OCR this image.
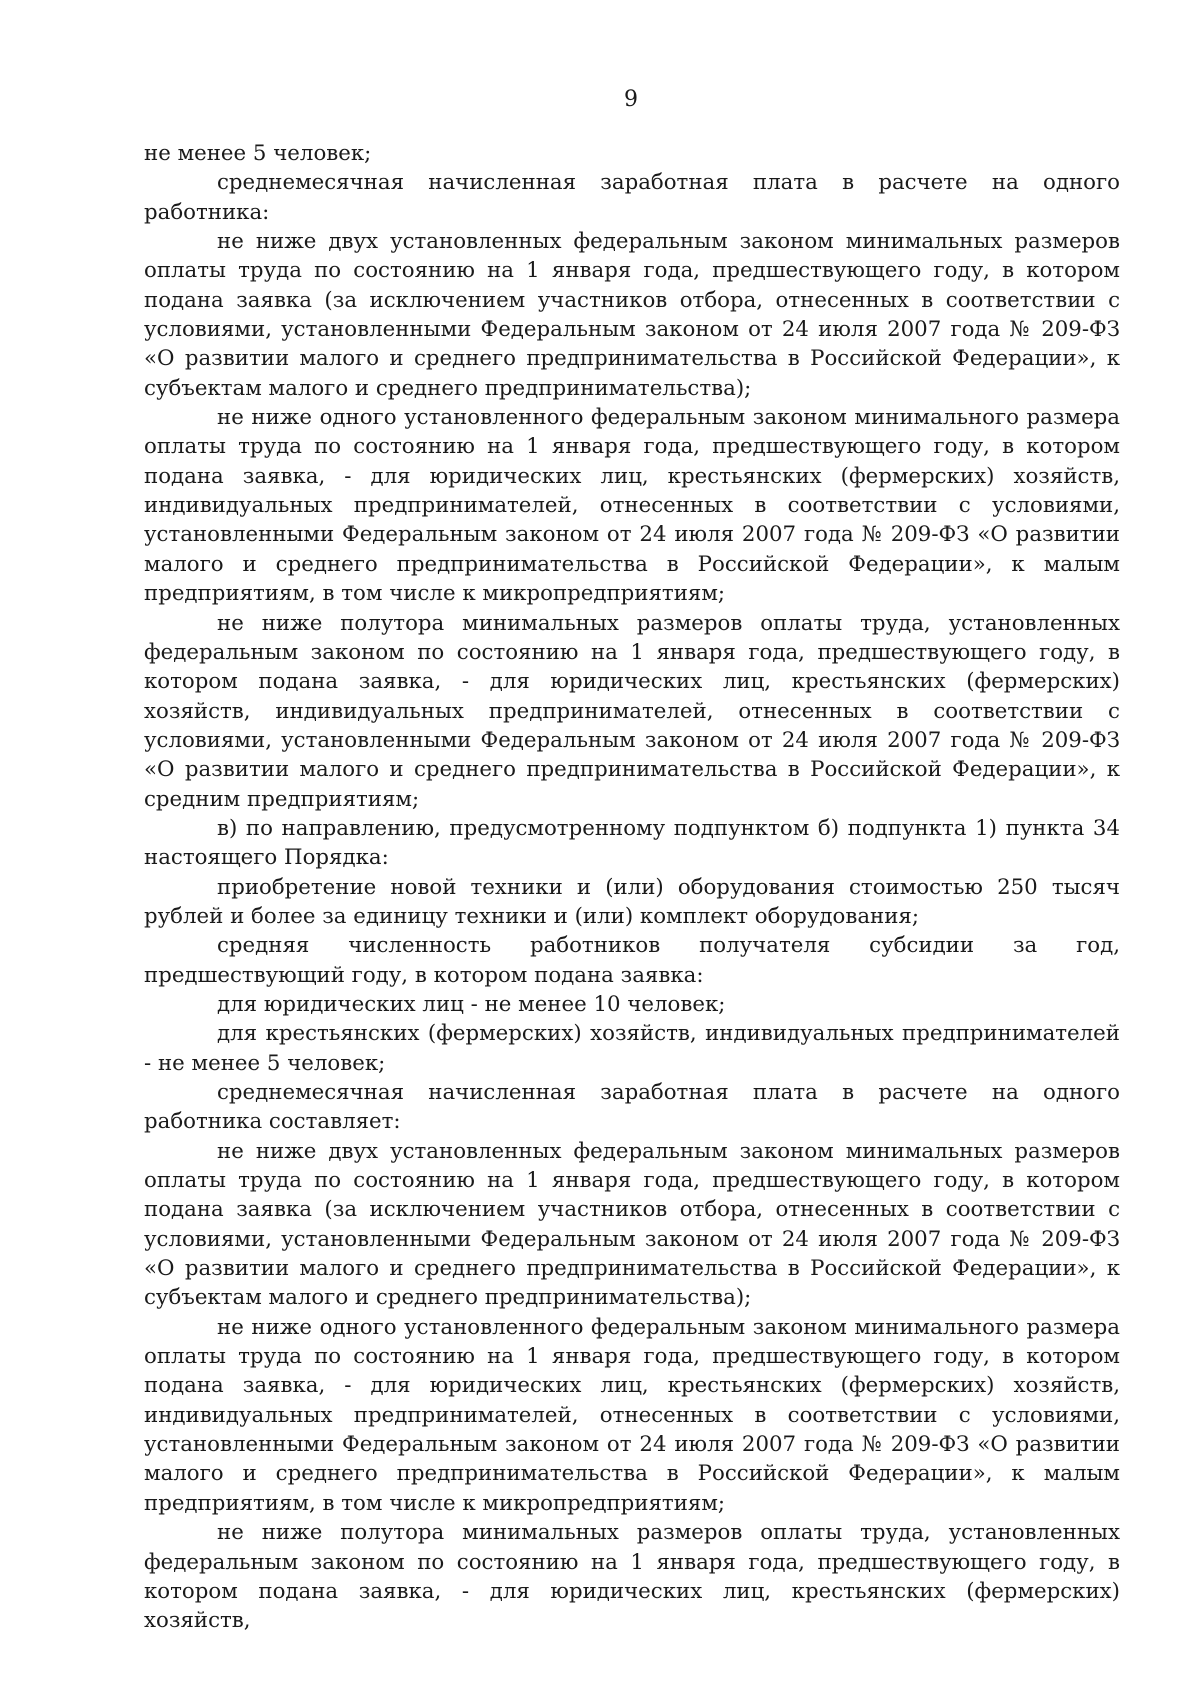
9

не менее 5 человек;

среднемесячная начисленная заработная плата в расчете на одного работника:

не ниже двух установленных федеральным законом минимальных размеров оплаты труда по состоянию на 1 января года, предшествующего году, в котором подана заявка (за исключением участников отбора, отнесенных в соответствии с условиями, установленными Федеральным законом от 24 июля 2007 года № 209-ФЗ «О развитии малого и среднего предпринимательства в Российской Федерации», к субъектам малого и среднего предпринимательства);

не ниже одного установленного федеральным законом минимального размера оплаты труда по состоянию на 1 января года, предшествующего году, в котором подана заявка, - для юридических лиц, крестьянских (фермерских) хозяйств, индивидуальных предпринимателей, отнесенных в соответствии с условиями, установленными Федеральным законом от 24 июля 2007 года № 209-ФЗ «О развитии малого и среднего предпринимательства в Российской Федерации», к малым предприятиям, в том числе к микропредприятиям;

не ниже полутора минимальных размеров оплаты труда, установленных федеральным законом по состоянию на 1 января года, предшествующего году, в котором подана заявка, - для юридических лиц, крестьянских (фермерских) хозяйств, индивидуальных предпринимателей, отнесенных в соответствии с условиями, установленными Федеральным законом от 24 июля 2007 года № 209-ФЗ «О развитии малого и среднего предпринимательства в Российской Федерации», к средним предприятиям;

в) по направлению, предусмотренному подпунктом б) подпункта 1) пункта 34 настоящего Порядка:

приобретение новой техники и (или) оборудования стоимостью 250 тысяч рублей и более за единицу техники и (или) комплект оборудования;

средняя численность работников получателя субсидии за год, предшествующий году, в котором подана заявка:

для юридических лиц - не менее 10 человек;

для крестьянских (фермерских) хозяйств, индивидуальных предпринимателей - не менее 5 человек;

среднемесячная начисленная заработная плата в расчете на одного работника составляет:

не ниже двух установленных федеральным законом минимальных размеров оплаты труда по состоянию на 1 января года, предшествующего году, в котором подана заявка (за исключением участников отбора, отнесенных в соответствии с условиями, установленными Федеральным законом от 24 июля 2007 года № 209-ФЗ «О развитии малого и среднего предпринимательства в Российской Федерации», к субъектам малого и среднего предпринимательства);

не ниже одного установленного федеральным законом минимального размера оплаты труда по состоянию на 1 января года, предшествующего году, в котором подана заявка, - для юридических лиц, крестьянских (фермерских) хозяйств, индивидуальных предпринимателей, отнесенных в соответствии с условиями, установленными Федеральным законом от 24 июля 2007 года № 209-ФЗ «О развитии малого и среднего предпринимательства в Российской Федерации», к малым предприятиям, в том числе к микропредприятиям;

не ниже полутора минимальных размеров оплаты труда, установленных федеральным законом по состоянию на 1 января года, предшествующего году, в котором подана заявка, - для юридических лиц, крестьянских (фермерских) хозяйств,
